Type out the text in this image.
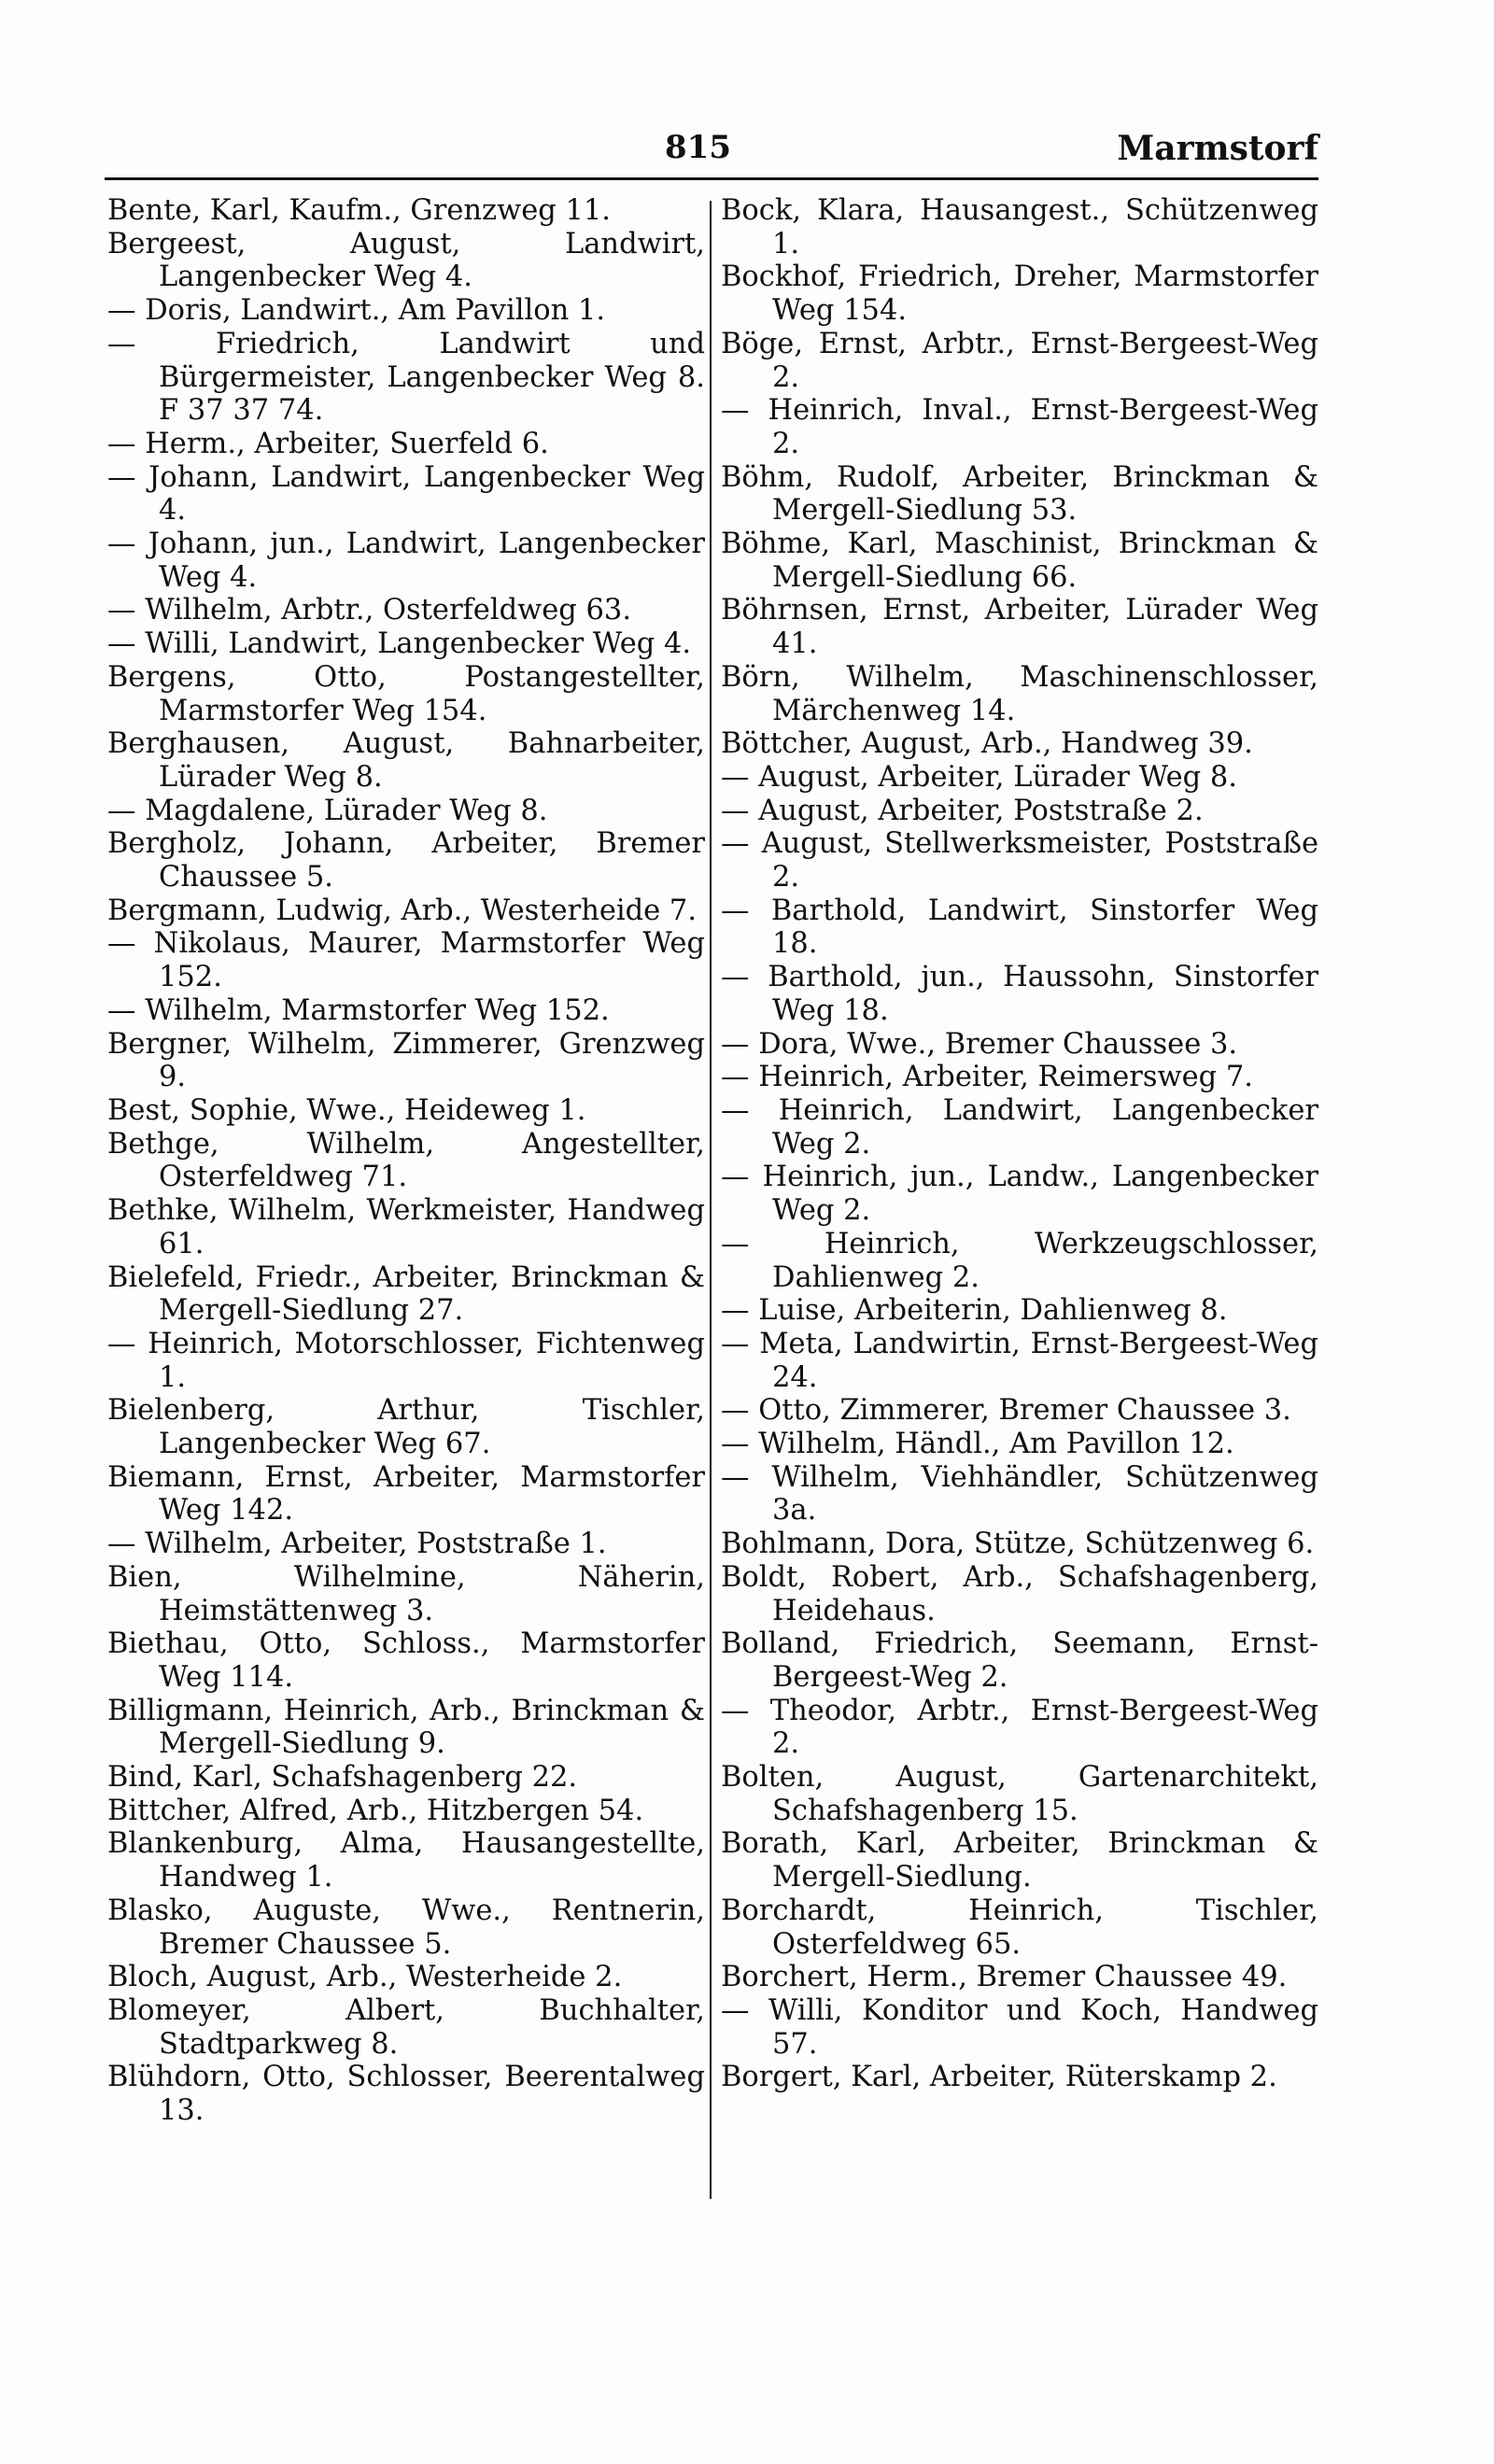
815	Marmstorf

Bente, Karl, Kaufm., Grenzweg 11.

Bergeest, August, Landwirt, Langenbecker Weg 4.

— Doris, Landwirt., Am Pavillon 1.

— Friedrich, Landwirt und Bürgermeister, Langenbecker Weg 8. F 37 37 74.

— Herm., Arbeiter, Suerfeld 6.

— Johann, Landwirt, Langenbecker Weg 4.

— Johann, jun., Landwirt, Langenbecker Weg 4.

— Wilhelm, Arbtr., Osterfeldweg 63.

— Willi, Landwirt, Langenbecker Weg 4.

Bergens, Otto, Postangestellter, Marmstorfer Weg 154.

Berghausen, August, Bahnarbeiter, Lürader Weg 8.

— Magdalene, Lürader Weg 8.

Bergholz, Johann, Arbeiter, Bremer Chaussee 5.

Bergmann, Ludwig, Arb., Westerheide 7.

— Nikolaus, Maurer, Marmstorfer Weg 152.

— Wilhelm, Marmstorfer Weg 152.

Bergner, Wilhelm, Zimmerer, Grenzweg 9.

Best, Sophie, Wwe., Heideweg 1.

Bethge, Wilhelm, Angestellter, Osterfeldweg 71.

Bethke, Wilhelm, Werkmeister, Handweg 61.

Bielefeld, Friedr., Arbeiter, Brinckman & Mergell-Siedlung 27.

— Heinrich, Motorschlosser, Fichtenweg 1.

Bielenberg, Arthur, Tischler, Langenbecker Weg 67.

Biemann, Ernst, Arbeiter, Marmstorfer Weg 142.

— Wilhelm, Arbeiter, Poststraße 1.

Bien, Wilhelmine, Näherin, Heimstättenweg 3.

Biethau, Otto, Schloss., Marmstorfer Weg 114.

Billigmann, Heinrich, Arb., Brinckman & Mergell-Siedlung 9.

Bind, Karl, Schafshagenberg 22.

Bittcher, Alfred, Arb., Hitzbergen 54.

Blankenburg, Alma, Hausangestellte, Handweg 1.

Blasko, Auguste, Wwe., Rentnerin, Bremer Chaussee 5.

Bloch, August, Arb., Westerheide 2.

Blomeyer, Albert, Buchhalter, Stadtparkweg 8.

Blühdorn, Otto, Schlosser, Beerentalweg 13.

Bock, Klara, Hausangest., Schützenweg 1.

Bockhof, Friedrich, Dreher, Marmstorfer Weg 154.

Böge, Ernst, Arbtr., Ernst-Bergeest-Weg 2.

— Heinrich, Inval., Ernst-Bergeest-Weg 2.

Böhm, Rudolf, Arbeiter, Brinckman & Mergell-Siedlung 53.

Böhme, Karl, Maschinist, Brinckman & Mergell-Siedlung 66.

Böhrnsen, Ernst, Arbeiter, Lürader Weg 41.

Börn, Wilhelm, Maschinenschlosser, Märchenweg 14.

Böttcher, August, Arb., Handweg 39.

— August, Arbeiter, Lürader Weg 8.

— August, Arbeiter, Poststraße 2.

— August, Stellwerksmeister, Poststraße 2.

— Barthold, Landwirt, Sinstorfer Weg 18.

— Barthold, jun., Haussohn, Sinstorfer Weg 18.

— Dora, Wwe., Bremer Chaussee 3.

— Heinrich, Arbeiter, Reimersweg 7.

— Heinrich, Landwirt, Langenbecker Weg 2.

— Heinrich, jun., Landw., Langenbecker Weg 2.

— Heinrich, Werkzeugschlosser, Dahlienweg 2.

— Luise, Arbeiterin, Dahlienweg 8.

— Meta, Landwirtin, Ernst-Bergeest-Weg 24.

— Otto, Zimmerer, Bremer Chaussee 3.

— Wilhelm, Händl., Am Pavillon 12.

— Wilhelm, Viehhändler, Schützenweg 3a.

Bohlmann, Dora, Stütze, Schützenweg 6.

Boldt, Robert, Arb., Schafshagenberg, Heidehaus.

Bolland, Friedrich, Seemann, Ernst-Bergeest-Weg 2.

— Theodor, Arbtr., Ernst-Bergeest-Weg 2.

Bolten, August, Gartenarchitekt, Schafshagenberg 15.

Borath, Karl, Arbeiter, Brinckman & Mergell-Siedlung.

Borchardt, Heinrich, Tischler, Osterfeldweg 65.

Borchert, Herm., Bremer Chaussee 49.

— Willi, Konditor und Koch, Handweg 57.

Borgert, Karl, Arbeiter, Rüterskamp 2.
